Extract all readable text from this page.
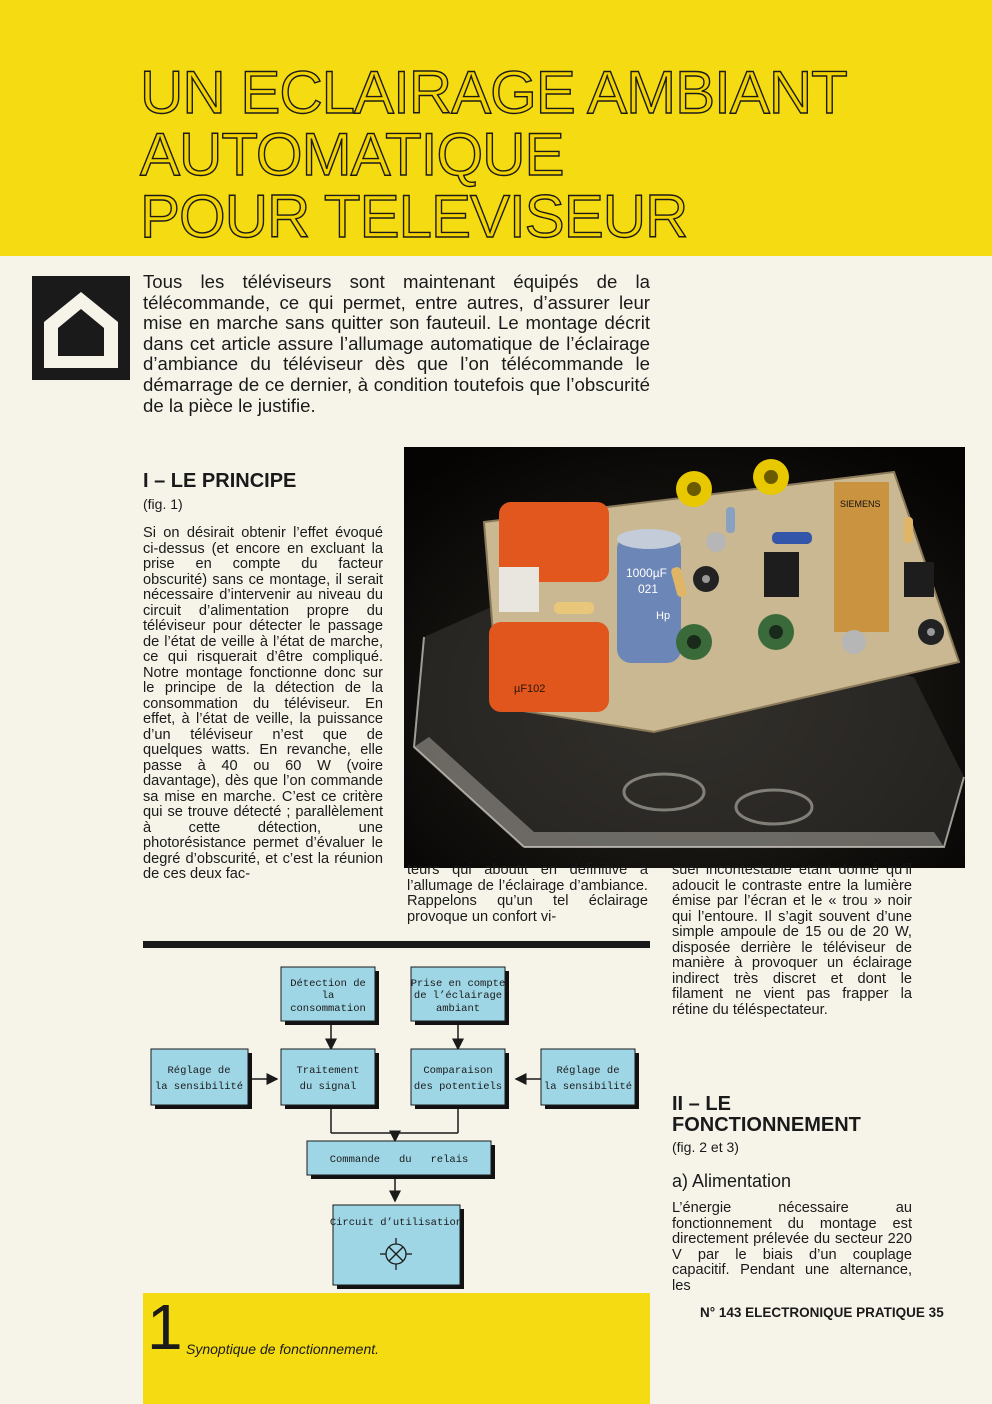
UN ECLAIRAGE AMBIANT
AUTOMATIQUE
POUR TELEVISEUR

Tous les téléviseurs sont maintenant équipés de la télécommande, ce qui permet, entre autres, d’assurer leur mise en marche sans quitter son fauteuil. Le montage décrit dans cet article assure l’allumage automatique de l’éclairage d’ambiance du téléviseur dès que l’on télécommande le démarrage de ce dernier, à condition toutefois que l’obscurité de la pièce le justifie.

I – LE PRINCIPE
(fig. 1)

Si on désirait obtenir l’effet évoqué ci-dessus (et encore en excluant la prise en compte du facteur obscurité) sans ce montage, il serait nécessaire d’intervenir au niveau du circuit d’alimentation propre du téléviseur pour détecter le passage de l’état de veille à l’état de marche, ce qui risquerait d’être compliqué. Notre montage fonctionne donc sur le principe de la détection de la consommation du téléviseur. En effet, à l’état de veille, la puissance d’un téléviseur n’est que de quelques watts. En revanche, elle passe à 40 ou 60 W (voire davantage), dès que l’on commande sa mise en marche. C’est ce critère qui se trouve détecté ; parallèlement à cette détection, une photorésistance permet d’évaluer le degré d’obscurité, et c’est la réunion de ces deux fac-

µF102
1000µF
021
Hp
SIEMENS

teurs qui aboutit en définitive à l’allumage de l’éclairage d’ambiance. Rappelons qu’un tel éclairage provoque un confort vi-

suel incontestable étant donné qu’il adoucit le contraste entre la lumière émise par l’écran et le « trou » noir qui l’entoure. Il s’agit souvent d’une simple ampoule de 15 ou de 20 W, disposée derrière le téléviseur de manière à provoquer un éclairage indirect très discret et dont le filament ne vient pas frapper la rétine du téléspectateur.

Détection de
la
consommation
Prise en compte
de l’éclairage
ambiant
Réglage de
la sensibilité
Traitement
du signal
Comparaison
des potentiels
Réglage de
la sensibilité
Commande   du   relais
Circuit d’utilisation
II – LE
FONCTIONNEMENT
(fig. 2 et 3)
a) Alimentation

L’énergie nécessaire au fonctionnement du montage est directement prélevée du secteur 220 V par le biais d’un couplage capacitif. Pendant une alternance, les

1 Synoptique de fonctionnement.
N° 143 ELECTRONIQUE PRATIQUE 35
